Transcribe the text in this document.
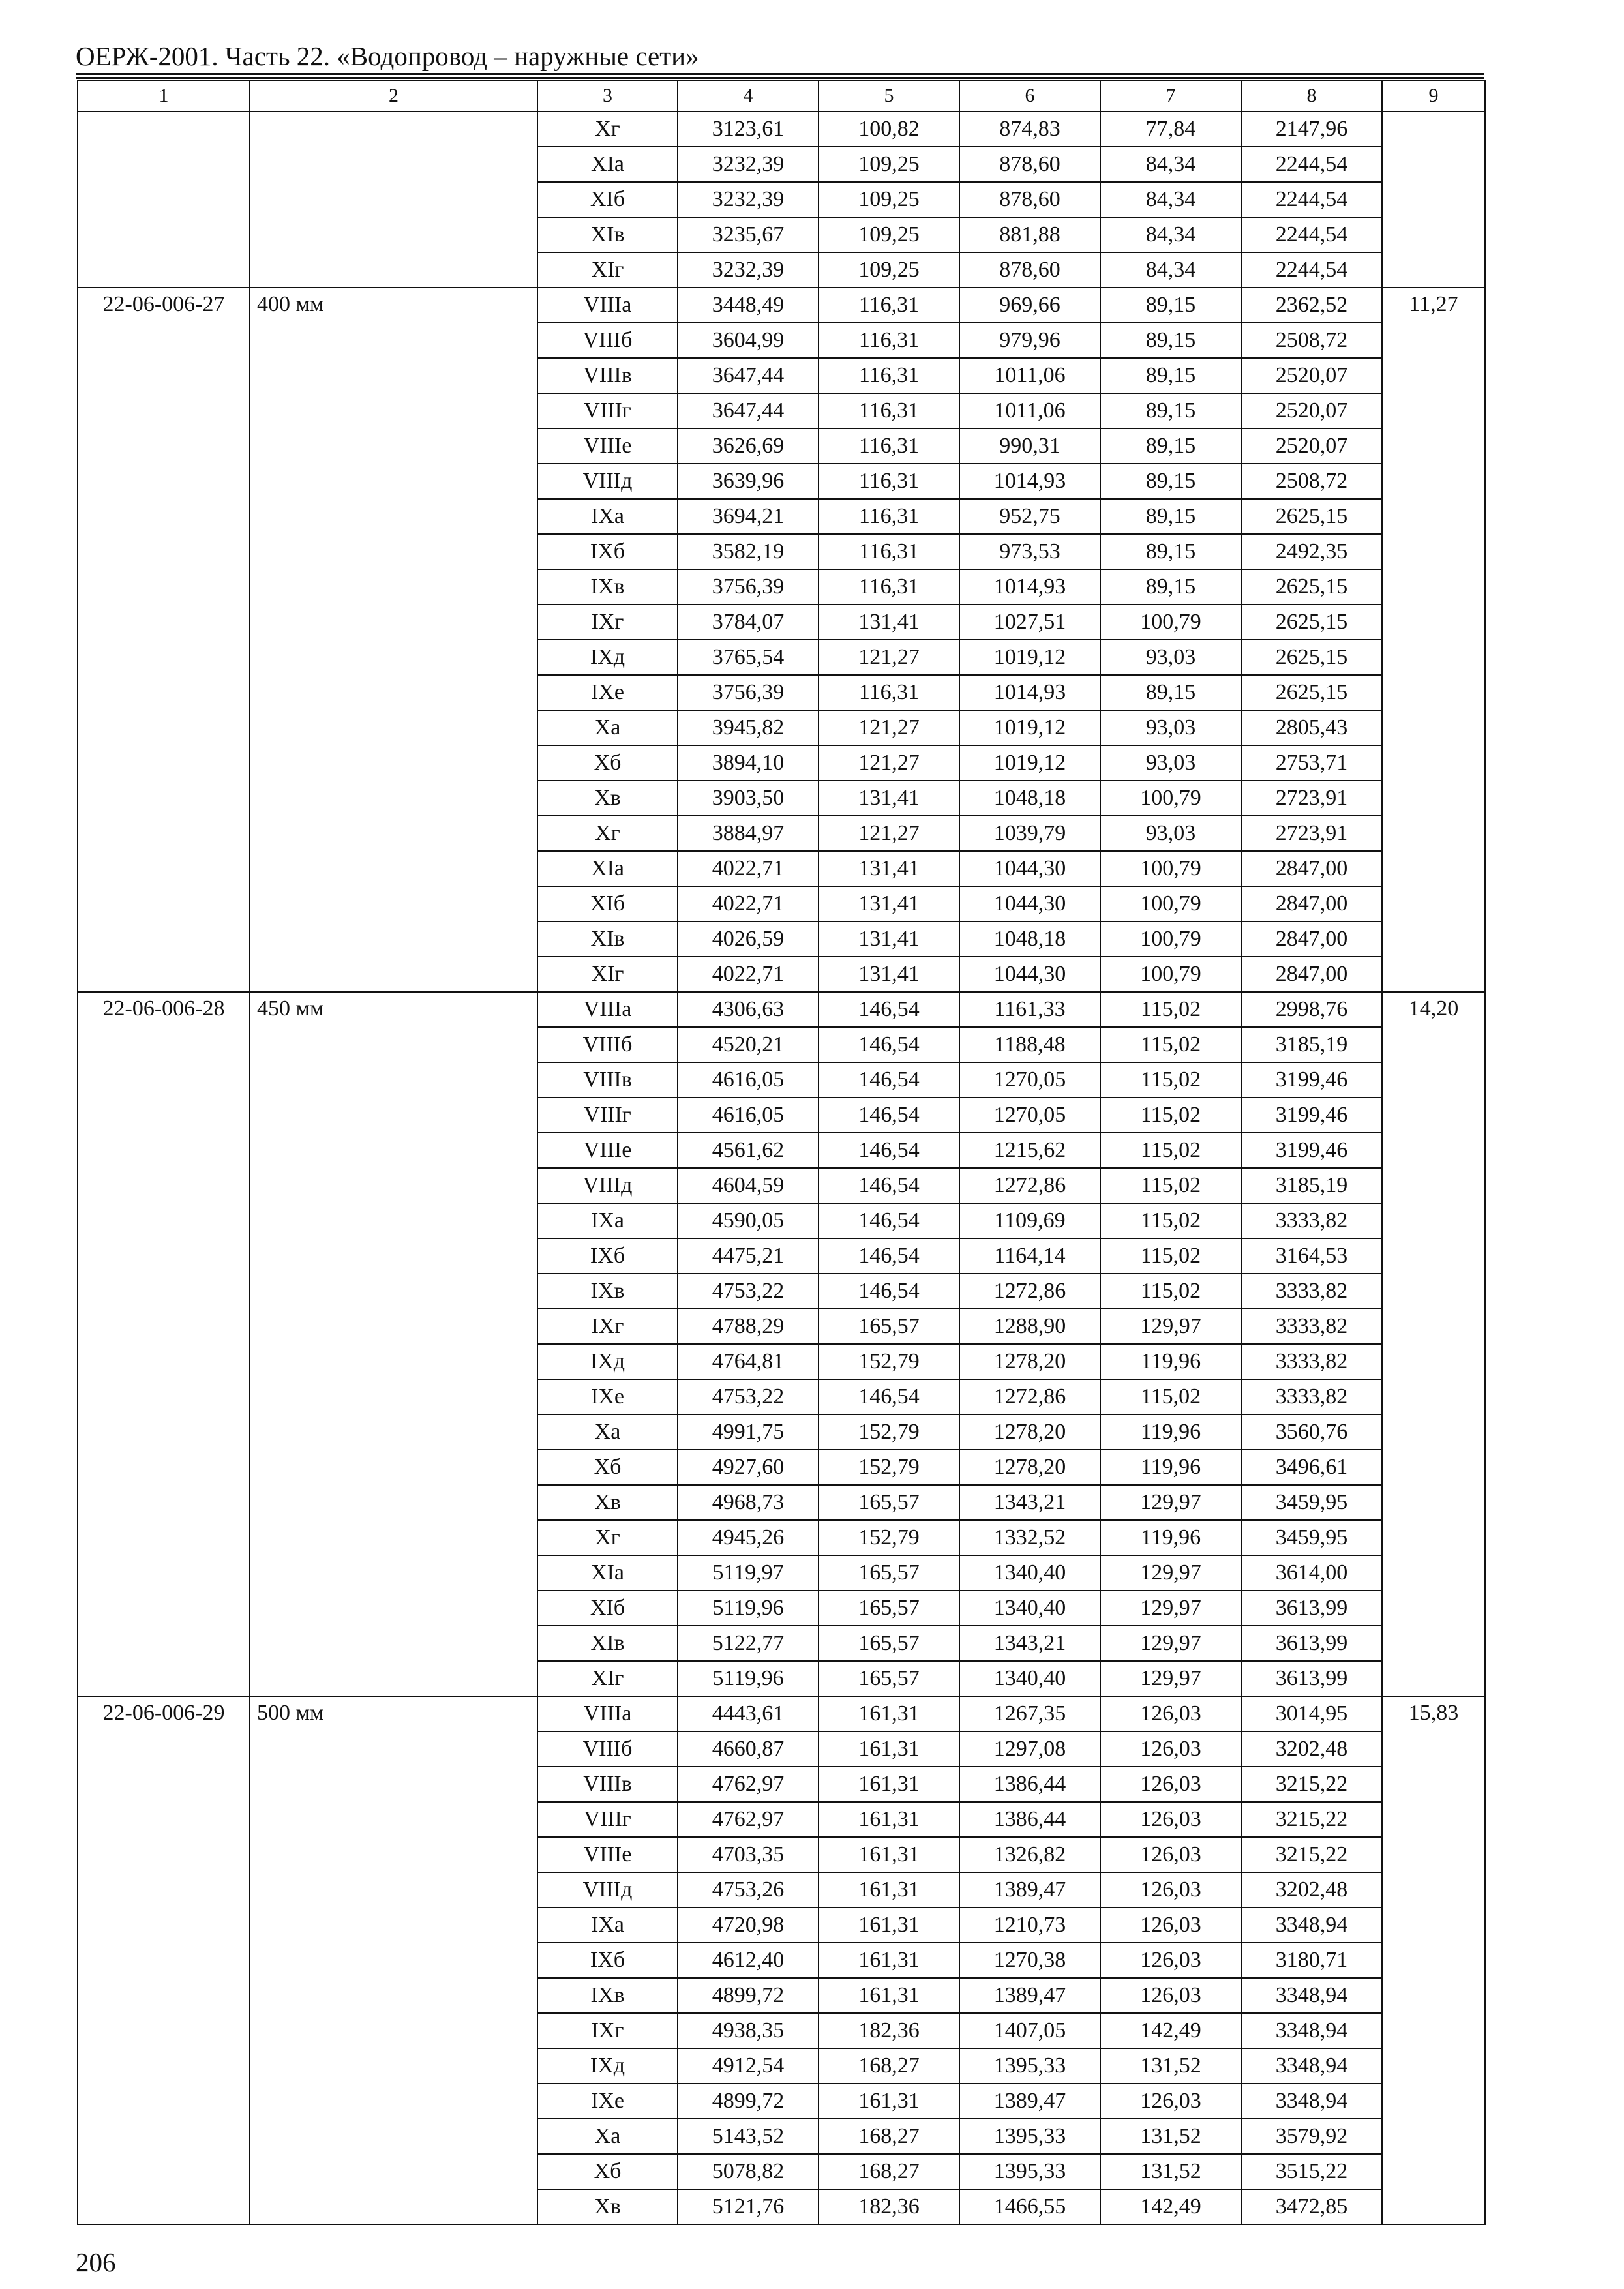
ОЕРЖ-2001. Часть 22. «Водопровод – наружные сети»
1	2	3	4	5	6	7	8	9
		Xг	3123,61	100,82	874,83	77,84	2147,96	
		XIа	3232,39	109,25	878,60	84,34	2244,54	
		XIб	3232,39	109,25	878,60	84,34	2244,54	
		XIв	3235,67	109,25	881,88	84,34	2244,54	
		XIг	3232,39	109,25	878,60	84,34	2244,54	
22-06-006-27	400 мм	VIIIа	3448,49	116,31	969,66	89,15	2362,52	11,27
		VIIIб	3604,99	116,31	979,96	89,15	2508,72	
		VIIIв	3647,44	116,31	1011,06	89,15	2520,07	
		VIIIг	3647,44	116,31	1011,06	89,15	2520,07	
		VIIIе	3626,69	116,31	990,31	89,15	2520,07	
		VIIIд	3639,96	116,31	1014,93	89,15	2508,72	
		IXа	3694,21	116,31	952,75	89,15	2625,15	
		IXб	3582,19	116,31	973,53	89,15	2492,35	
		IXв	3756,39	116,31	1014,93	89,15	2625,15	
		IXг	3784,07	131,41	1027,51	100,79	2625,15	
		IXд	3765,54	121,27	1019,12	93,03	2625,15	
		IXе	3756,39	116,31	1014,93	89,15	2625,15	
		Xа	3945,82	121,27	1019,12	93,03	2805,43	
		Xб	3894,10	121,27	1019,12	93,03	2753,71	
		Xв	3903,50	131,41	1048,18	100,79	2723,91	
		Xг	3884,97	121,27	1039,79	93,03	2723,91	
		XIа	4022,71	131,41	1044,30	100,79	2847,00	
		XIб	4022,71	131,41	1044,30	100,79	2847,00	
		XIв	4026,59	131,41	1048,18	100,79	2847,00	
		XIг	4022,71	131,41	1044,30	100,79	2847,00	
22-06-006-28	450 мм	VIIIа	4306,63	146,54	1161,33	115,02	2998,76	14,20
		VIIIб	4520,21	146,54	1188,48	115,02	3185,19	
		VIIIв	4616,05	146,54	1270,05	115,02	3199,46	
		VIIIг	4616,05	146,54	1270,05	115,02	3199,46	
		VIIIе	4561,62	146,54	1215,62	115,02	3199,46	
		VIIIд	4604,59	146,54	1272,86	115,02	3185,19	
		IXа	4590,05	146,54	1109,69	115,02	3333,82	
		IXб	4475,21	146,54	1164,14	115,02	3164,53	
		IXв	4753,22	146,54	1272,86	115,02	3333,82	
		IXг	4788,29	165,57	1288,90	129,97	3333,82	
		IXд	4764,81	152,79	1278,20	119,96	3333,82	
		IXе	4753,22	146,54	1272,86	115,02	3333,82	
		Xа	4991,75	152,79	1278,20	119,96	3560,76	
		Xб	4927,60	152,79	1278,20	119,96	3496,61	
		Xв	4968,73	165,57	1343,21	129,97	3459,95	
		Xг	4945,26	152,79	1332,52	119,96	3459,95	
		XIа	5119,97	165,57	1340,40	129,97	3614,00	
		XIб	5119,96	165,57	1340,40	129,97	3613,99	
		XIв	5122,77	165,57	1343,21	129,97	3613,99	
		XIг	5119,96	165,57	1340,40	129,97	3613,99	
22-06-006-29	500 мм	VIIIа	4443,61	161,31	1267,35	126,03	3014,95	15,83
		VIIIб	4660,87	161,31	1297,08	126,03	3202,48	
		VIIIв	4762,97	161,31	1386,44	126,03	3215,22	
		VIIIг	4762,97	161,31	1386,44	126,03	3215,22	
		VIIIе	4703,35	161,31	1326,82	126,03	3215,22	
		VIIIд	4753,26	161,31	1389,47	126,03	3202,48	
		IXа	4720,98	161,31	1210,73	126,03	3348,94	
		IXб	4612,40	161,31	1270,38	126,03	3180,71	
		IXв	4899,72	161,31	1389,47	126,03	3348,94	
		IXг	4938,35	182,36	1407,05	142,49	3348,94	
		IXд	4912,54	168,27	1395,33	131,52	3348,94	
		IXе	4899,72	161,31	1389,47	126,03	3348,94	
		Xа	5143,52	168,27	1395,33	131,52	3579,92	
		Xб	5078,82	168,27	1395,33	131,52	3515,22	
		Xв	5121,76	182,36	1466,55	142,49	3472,85	
206
